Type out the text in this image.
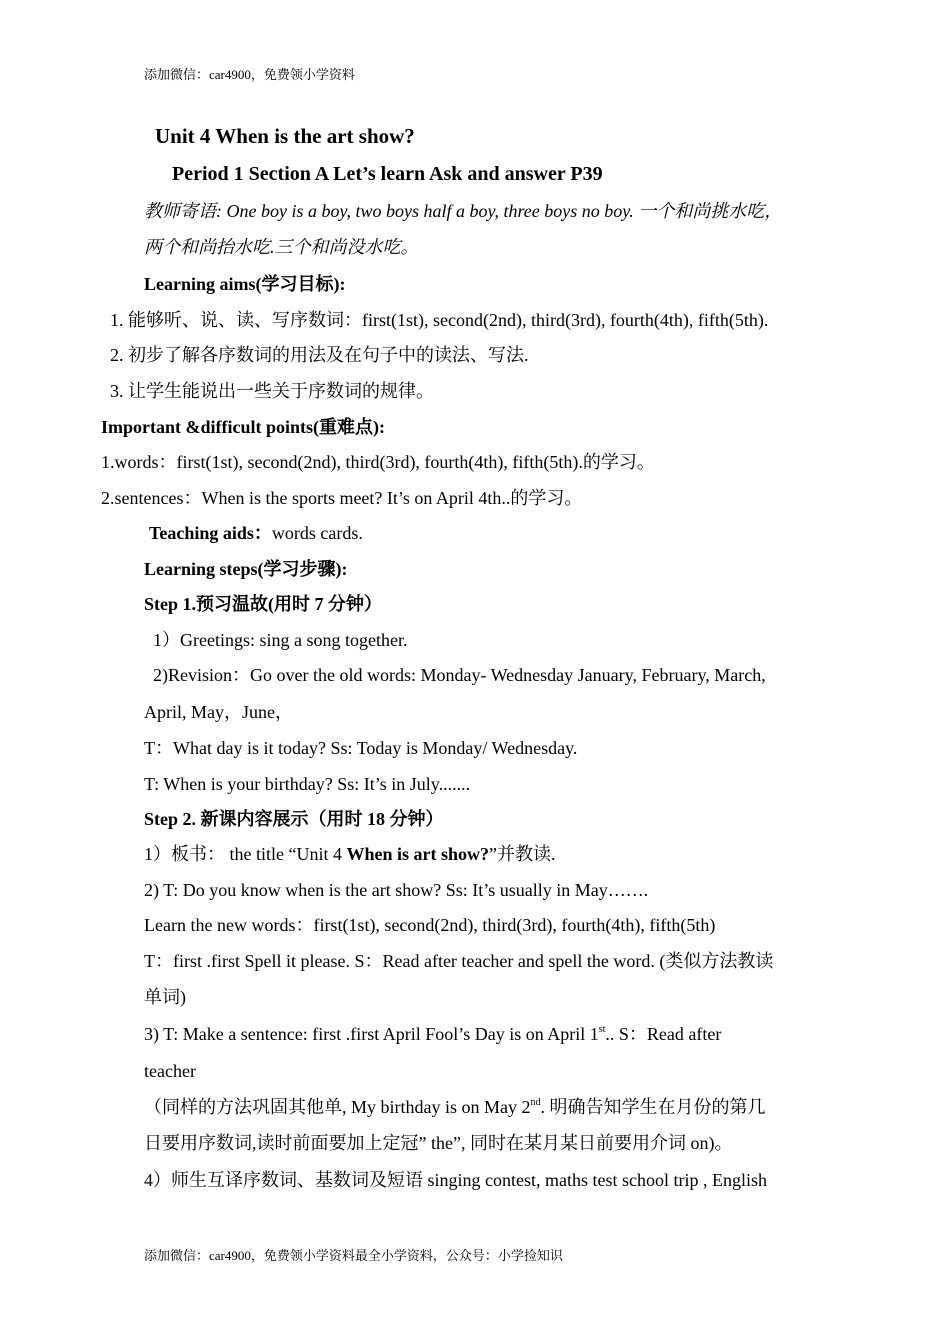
添加微信：car4900，免费领小学资料
Unit 4 When is the art show?
Period 1 Section A Let’s learn Ask and answer P39
教师寄语: One boy is a boy, two boys half a boy, three boys no boy. 一个和尚挑水吃，
两个和尚抬水吃.三个和尚没水吃。
Learning aims(学习目标):
1. 能够听、说、读、写序数词：first(1st), second(2nd), third(3rd), fourth(4th), fifth(5th).
2. 初步了解各序数词的用法及在句子中的读法、写法.
3. 让学生能说出一些关于序数词的规律。
Important &difficult points(重难点):
1.words：first(1st), second(2nd), third(3rd), fourth(4th), fifth(5th).的学习。
2.sentences：When is the sports meet? It’s on April 4th..的学习。
Teaching aids：words cards.
Learning steps(学习步骤):
Step 1.预习温故(用时 7 分钟）
1）Greetings: sing a song together.
2)Revision：Go over the old words: Monday- Wednesday January, February, March,
April, May，June，
T：What day is it today? Ss: Today is Monday/ Wednesday.
T: When is your birthday? Ss: It’s in July.......
Step 2. 新课内容展示（用时 18 分钟）
1）板书： the title “Unit 4 When is art show?”并教读.
2) T: Do you know when is the art show? Ss: It’s usually in May…….
Learn the new words：first(1st), second(2nd), third(3rd), fourth(4th), fifth(5th)
T：first .first Spell it please. S：Read after teacher and spell the word. (类似方法教读
单词)
3) T: Make a sentence: first .first April Fool’s Day is on April 1st.. S：Read after
teacher
（同样的方法巩固其他单, My birthday is on May 2nd. 明确告知学生在月份的第几
日要用序数词,读时前面要加上定冠” the”, 同时在某月某日前要用介词 on)。
4）师生互译序数词、基数词及短语 singing contest, maths test school trip , English
添加微信：car4900，免费领小学资料最全小学资料，公众号：小学捡知识
